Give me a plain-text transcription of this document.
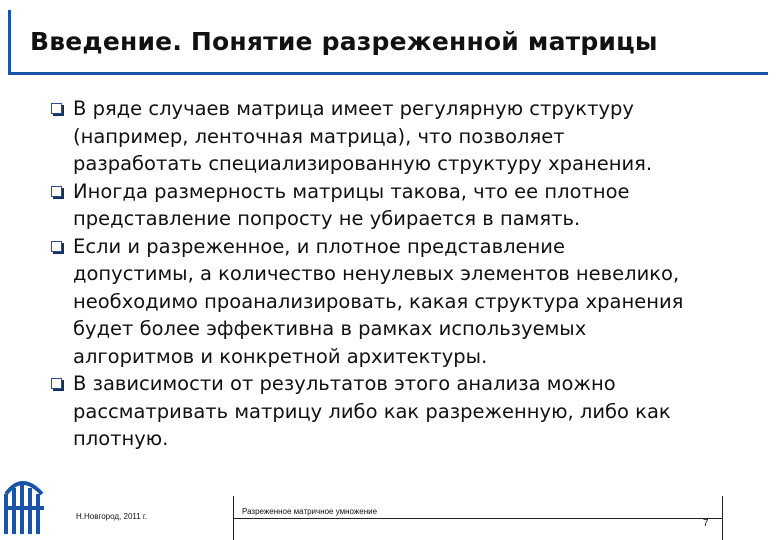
Введение. Понятие разреженной матрицы
В ряде случаев матрица имеет регулярную структуру
(например, ленточная матрица), что позволяет
разработать специализированную структуру хранения.
Иногда размерность матрицы такова, что ее плотное
представление попросту не убирается в память.
Если и разреженное, и плотное представление
допустимы, а количество ненулевых элементов невелико,
необходимо проанализировать, какая структура хранения
будет более эффективна в рамках используемых
алгоритмов и конкретной архитектуры.
В зависимости от результатов этого анализа можно
рассматривать матрицу либо как разреженную, либо как
плотную.
Н.Новгород, 2011 г.
Разреженное матричное умножение
7
